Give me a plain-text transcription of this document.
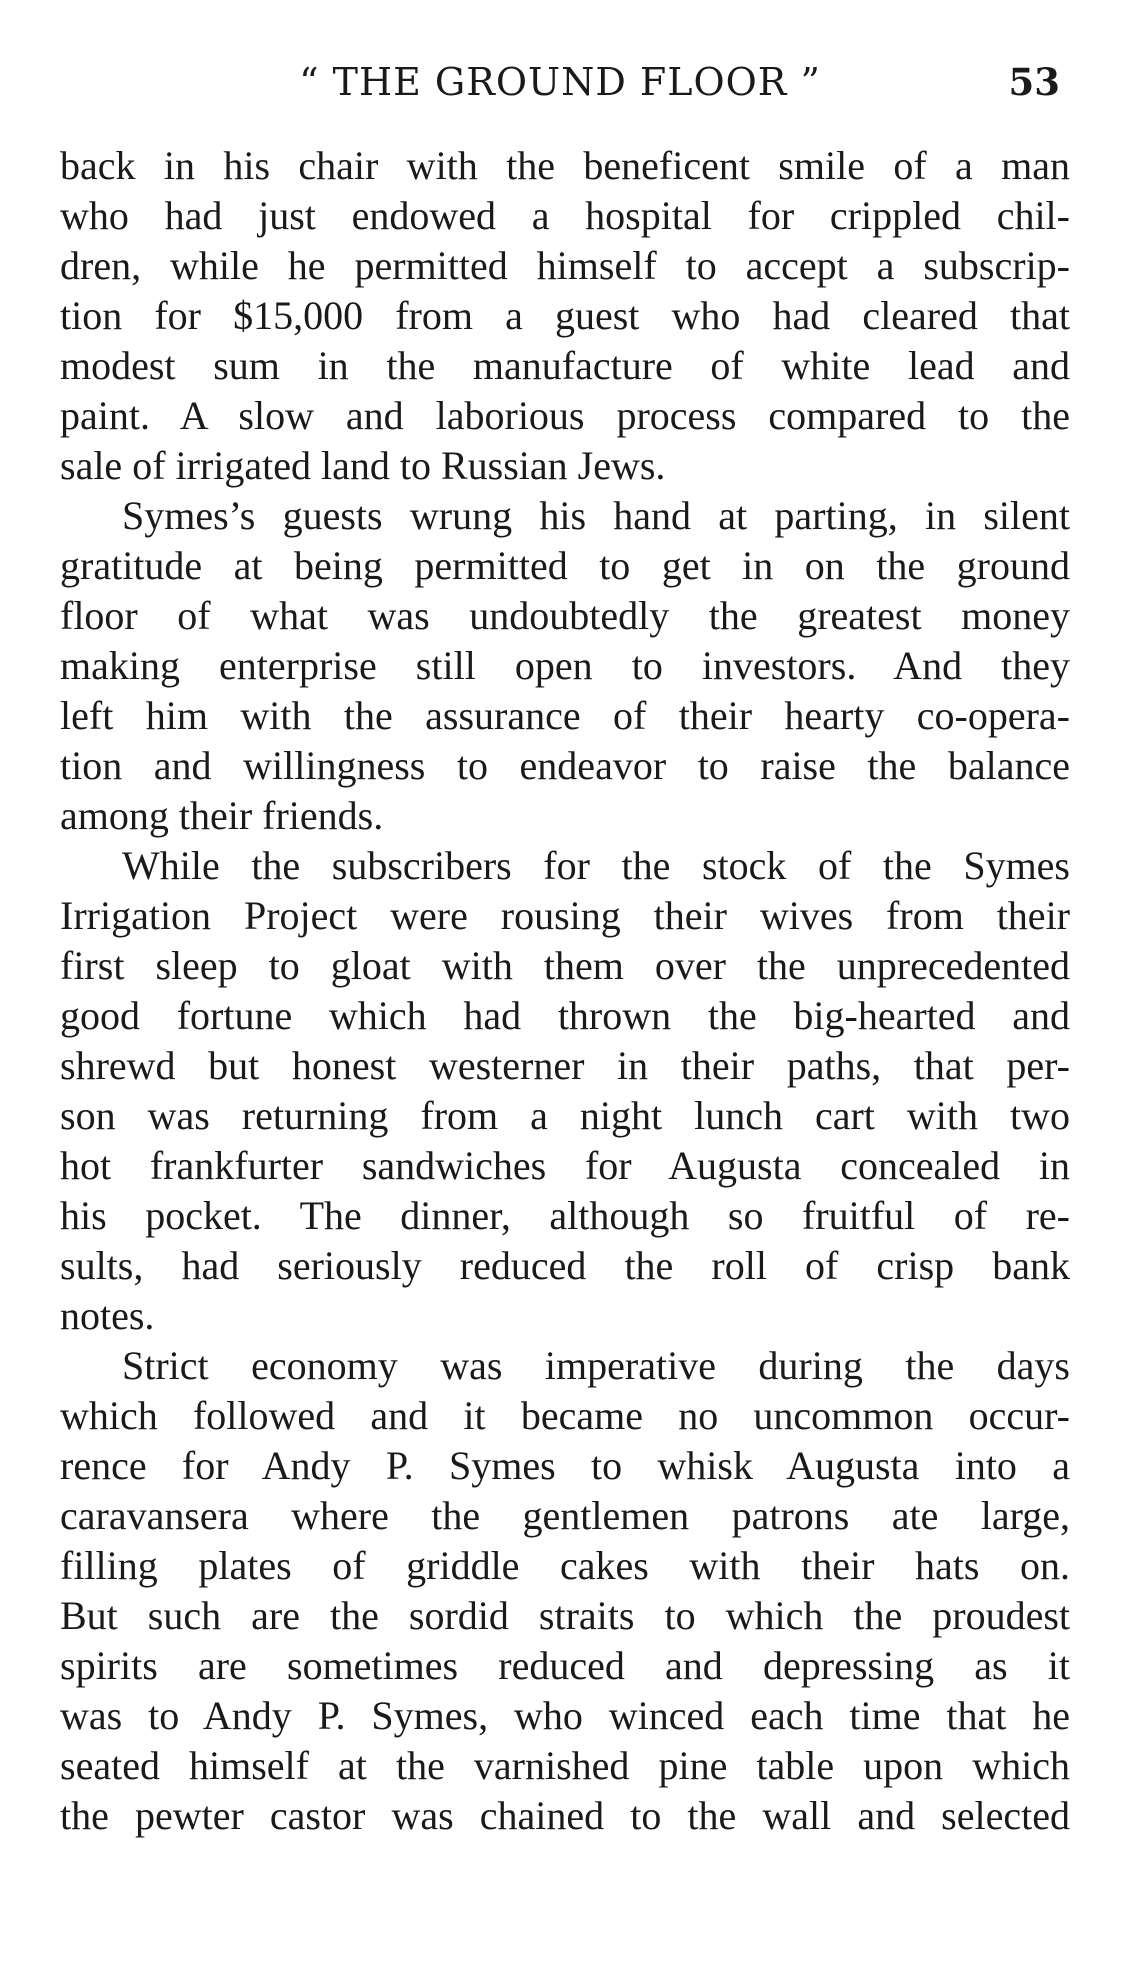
“ THE GROUND FLOOR ”	53
back in his chair with the beneficent smile of a man
who had just endowed a hospital for crippled chil-
dren, while he permitted himself to accept a subscrip-
tion for $15,000 from a guest who had cleared that
modest sum in the manufacture of white lead and
paint. A slow and laborious process compared to the
sale of irrigated land to Russian Jews.
Symes’s guests wrung his hand at parting, in silent
gratitude at being permitted to get in on the ground
floor of what was undoubtedly the greatest money
making enterprise still open to investors. And they
left him with the assurance of their hearty co-opera-
tion and willingness to endeavor to raise the balance
among their friends.
While the subscribers for the stock of the Symes
Irrigation Project were rousing their wives from their
first sleep to gloat with them over the unprecedented
good fortune which had thrown the big-hearted and
shrewd but honest westerner in their paths, that per-
son was returning from a night lunch cart with two
hot frankfurter sandwiches for Augusta concealed in
his pocket. The dinner, although so fruitful of re-
sults, had seriously reduced the roll of crisp bank
notes.
Strict economy was imperative during the days
which followed and it became no uncommon occur-
rence for Andy P. Symes to whisk Augusta into a
caravansera where the gentlemen patrons ate large,
filling plates of griddle cakes with their hats on.
But such are the sordid straits to which the proudest
spirits are sometimes reduced and depressing as it
was to Andy P. Symes, who winced each time that he
seated himself at the varnished pine table upon which
the pewter castor was chained to the wall and selected
